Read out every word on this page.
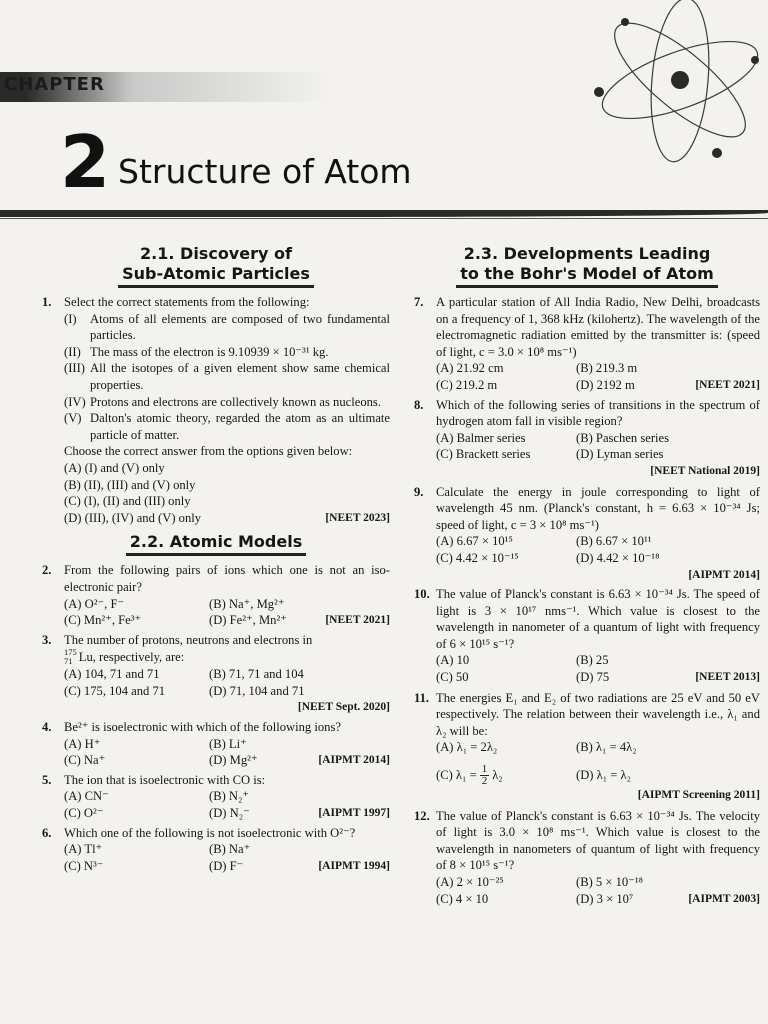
CHAPTER
2 Structure of Atom
2.1. Discovery of
Sub-Atomic Particles
1. Select the correct statements from the following:
(I)	Atoms of all elements are composed of two fundamental particles.
(II) The mass of the electron is 9.10939 × 10⁻³¹ kg.
(III) All the isotopes of a given element show same chemical properties.
(IV) Protons and electrons are collectively known as nucleons.
(V) Dalton's atomic theory, regarded the atom as an ultimate particle of matter.
Choose the correct answer from the options given below:
(A) (I) and (V) only
(B) (II), (III) and (V) only
(C) (I), (II) and (III) only
(D) (III), (IV) and (V) only	[NEET 2023]
2.2. Atomic Models
2. From the following pairs of ions which one is not an iso-electronic pair?
(A) O²⁻, F⁻	(B) Na⁺, Mg²⁺
(C) Mn²⁺, Fe³⁺	(D) Fe²⁺, Mn²⁺	[NEET 2021]
3. The number of protons, neutrons and electrons in
175
71 Lu, respectively, are:
(A) 104, 71 and 71	(B) 71, 71 and 104
(C) 175, 104 and 71	(D) 71, 104 and 71
[NEET Sept. 2020]
4. Be²⁺ is isoelectronic with which of the following ions?
(A) H⁺	(B) Li⁺
(C) Na⁺	(D) Mg²⁺	[AIPMT 2014]
5. The ion that is isoelectronic with CO is:
(A) CN⁻	(B) N₂⁺
(C) O²⁻	(D) N₂⁻	[AIPMT 1997]
6. Which one of the following is not isoelectronic with O²⁻?
(A) Tl⁺	(B) Na⁺
(C) N³⁻	(D) F⁻	[AIPMT 1994]
2.3. Developments Leading
to the Bohr's Model of Atom
7. A particular station of All India Radio, New Delhi, broadcasts on a frequency of 1, 368 kHz (kilohertz). The wavelength of the electromagnetic radiation emitted by the transmitter is: (speed of light, c = 3.0 × 10⁸ ms⁻¹)
(A) 21.92 cm	(B) 219.3 m
(C) 219.2 m	(D) 2192 m	[NEET 2021]
8. Which of the following series of transitions in the spectrum of hydrogen atom fall in visible region?
(A) Balmer series	(B) Paschen series
(C) Brackett series	(D) Lyman series
[NEET National 2019]
9. Calculate the energy in joule corresponding to light of wavelength 45 nm. (Planck's constant, h = 6.63 × 10⁻³⁴ Js; speed of light, c = 3 × 10⁸ ms⁻¹)
(A) 6.67 × 10¹⁵	(B) 6.67 × 10¹¹
(C) 4.42 × 10⁻¹⁵	(D) 4.42 × 10⁻¹⁸
[AIPMT 2014]
10. The value of Planck's constant is 6.63 × 10⁻³⁴ Js. The speed of light is 3 × 10¹⁷ nms⁻¹. Which value is closest to the wavelength in nanometer of a quantum of light with frequency of 6 × 10¹⁵ s⁻¹?
(A) 10	(B) 25
(C) 50	(D) 75	[NEET 2013]
11. The energies E₁ and E₂ of two radiations are 25 eV and 50 eV respectively. The relation between their wavelength i.e., λ₁ and λ₂ will be:
(A) λ₁ = 2λ₂	(B) λ₁ = 4λ₂
(C) $\lambda_1 = \frac{1}{2} \lambda_2$	(D) λ₁ = λ₂
[AIPMT Screening 2011]
12. The value of Planck's constant is 6.63 × 10⁻³⁴ Js. The velocity of light is 3.0 × 10⁸ ms⁻¹. Which value is closest to the wavelength in nanometers of quantum of light with frequency of 8 × 10¹⁵ s⁻¹?
(A) 2 × 10⁻²⁵	(B) 5 × 10⁻¹⁸
(C) 4 × 10	(D) 3 × 10⁷	[AIPMT 2003]
